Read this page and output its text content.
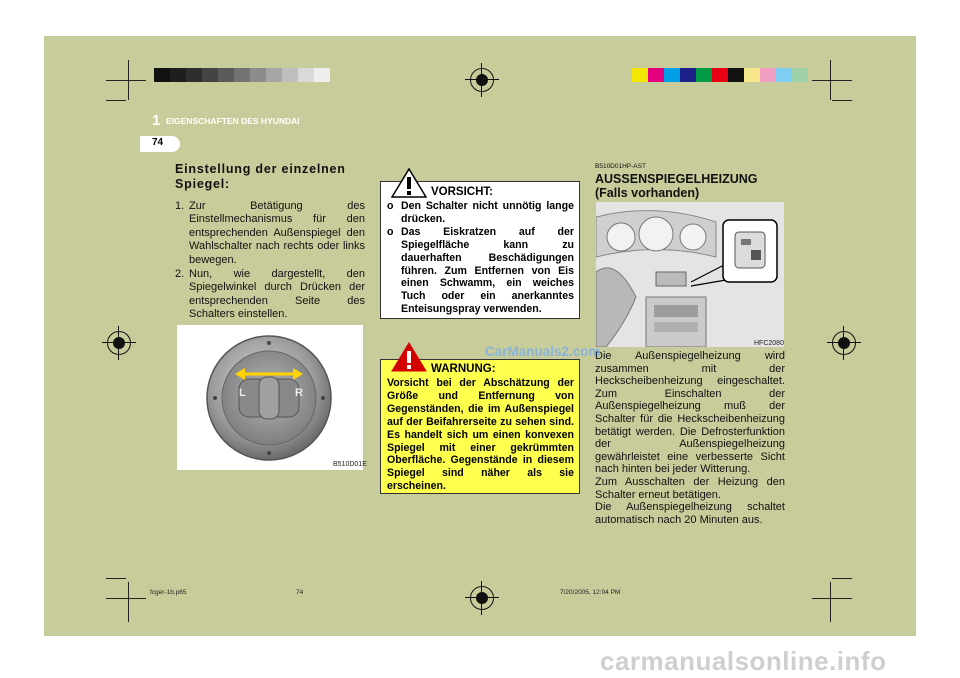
1 EIGENSCHAFTEN DES HYUNDAI
74
Einstellung der einzelnen
Spiegel:
1. Zur Betätigung des Einstellmechanismus für den entsprechenden Außenspiegel den Wahlschalter nach rechts oder links bewegen.
2. Nun, wie dargestellt, den Spiegelwinkel durch Drücken der entsprechenden Seite des Schalters einstellen.
L	R
B510D01E
VORSICHT:
o Den Schalter nicht unnötig lange drücken.
o Das Eiskratzen auf der Spiegelfläche kann zu dauerhaften Beschädigungen führen. Zum Entfernen von Eis einen Schwamm, ein weiches Tuch oder ein anerkanntes Enteisungspray verwenden.
WARNUNG:
Vorsicht bei der Abschätzung der Größe und Entfernung von Gegenständen, die im Außenspiegel auf der Beifahrerseite zu sehen sind. Es handelt sich um einen konvexen Spiegel mit einer gekrümmten Oberfläche. Gegenstände in diesem Spiegel sind näher als sie erscheinen.
B510D01HP-AST
AUSSENSPIEGELHEIZUNG
(Falls vorhanden)
HFC2080

Die Außenspiegelheizung wird zusammen mit der Heckscheibenheizung eingeschaltet. Zum Einschalten der Außenspiegelheizung muß der Schalter für die Heckscheibenheizung betätigt werden. Die Defrosterfunktion der Außenspiegelheizung gewährleistet eine verbesserte Sicht nach hinten bei jeder Witterung.
Zum Ausschalten der Heizung den Schalter erneut betätigen.
Die Außenspiegelheizung schaltet automatisch nach 20 Minuten aus.

fcger-1b.p65	74	7/20/2005, 12:04 PM
CarManuals2.com
carmanualsonline.info
